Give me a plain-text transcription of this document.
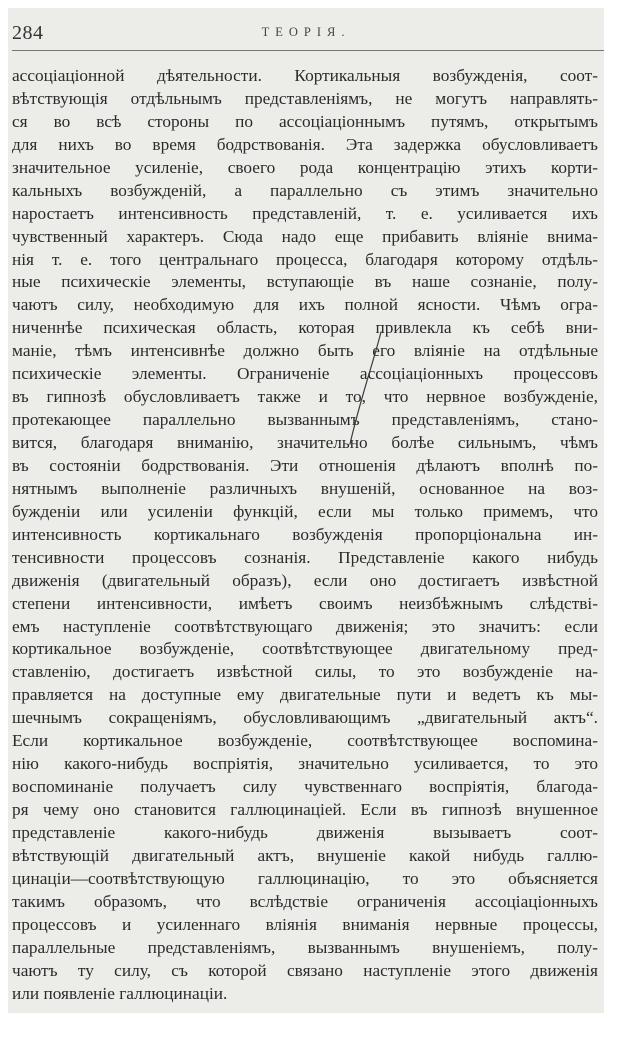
284	ТЕОРІЯ.
ассоціаціонной дѣятельности. Кортикальныя возбужденія, соот-
вѣтствующія отдѣльнымъ представленіямъ, не могутъ направлять-
ся во всѣ стороны по ассоціаціоннымъ путямъ, открытымъ
для нихъ во время бодрствованія. Эта задержка обусловливаетъ
значительное усиленіе, своего рода концентрацію этихъ корти-
кальныхъ возбужденій, а параллельно съ этимъ значительно
наростаетъ интенсивность представленій, т. е. усиливается ихъ
чувственный характеръ. Сюда надо еще прибавить вліяніе внима-
нія т. е. того центральнаго процесса, благодаря которому отдѣль-
ные психическіе элементы, вступающіе въ наше сознаніе, полу-
чаютъ силу, необходимую для ихъ полной ясности. Чѣмъ огра-
ниченнѣе психическая область, которая привлекла къ себѣ вни-
маніе, тѣмъ интенсивнѣе должно быть его вліяніе на отдѣльные
психическіе элементы. Ограниченіе ассоціаціонныхъ процессовъ
въ гипнозѣ обусловливаетъ также и то, что нервное возбужденіе,
протекающее параллельно вызваннымъ представленіямъ, стано-
вится, благодаря вниманію, значительно болѣе сильнымъ, чѣмъ
въ состояніи бодрствованія. Эти отношенія дѣлаютъ вполнѣ по-
нятнымъ выполненіе различныхъ внушеній, основанное на воз-
бужденіи или усиленіи функцій, если мы только примемъ, что
интенсивность кортикальнаго возбужденія пропорціональна ин-
тенсивности процессовъ сознанія. Представленіе какого нибудь
движенія (двигательный образъ), если оно достигаетъ извѣстной
степени интенсивности, имѣетъ своимъ неизбѣжнымъ слѣдстві-
емъ наступленіе соотвѣтствующаго движенія; это значитъ: если
кортикальное возбужденіе, соотвѣтствующее двигательному пред-
ставленію, достигаетъ извѣстной силы, то это возбужденіе на-
правляется на доступные ему двигательные пути и ведетъ къ мы-
шечнымъ сокращеніямъ, обусловливающимъ „двигательный актъ“.
Если кортикальное возбужденіе, соотвѣтствующее воспомина-
нію какого-нибудь воспріятія, значительно усиливается, то это
воспоминаніе получаетъ силу чувственнаго воспріятія, благода-
ря чему оно становится галлюцинаціей. Если въ гипнозѣ внушенное
представленіе какого-нибудь движенія вызываетъ соот-
вѣтствующій двигательный актъ, внушеніе какой нибудь галлю-
цинаціи—соотвѣтствующую галлюцинацію, то это объясняется
такимъ образомъ, что вслѣдствіе ограниченія ассоціаціонныхъ
процессовъ и усиленнаго вліянія вниманія нервные процессы,
параллельные представленіямъ, вызваннымъ внушеніемъ, полу-
чаютъ ту силу, съ которой связано наступленіе этого движенія
или появленіе галлюцинаціи.
